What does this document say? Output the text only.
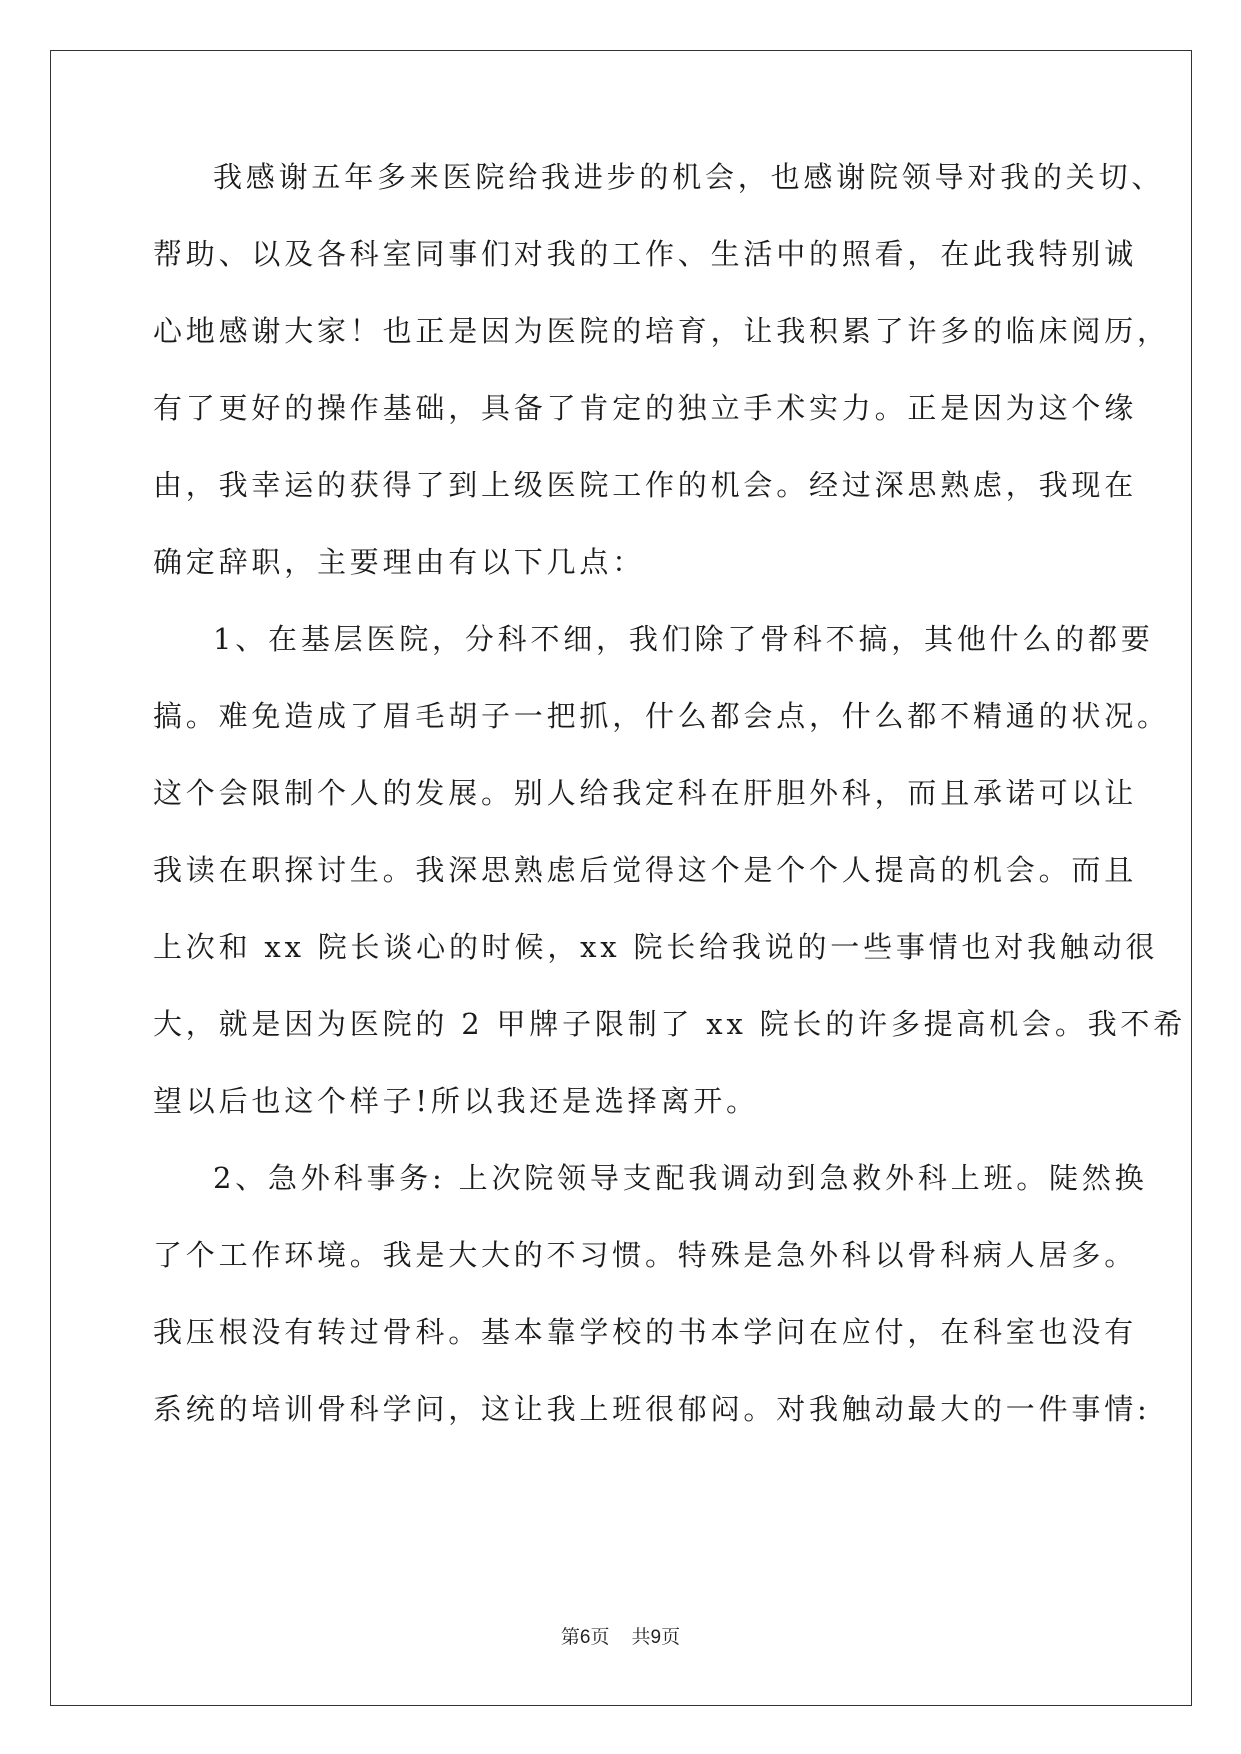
我感谢五年多来医院给我进步的机会，也感谢院领导对我的关切、
帮助、以及各科室同事们对我的工作、生活中的照看，在此我特别诚
心地感谢大家！也正是因为医院的培育，让我积累了许多的临床阅历，
有了更好的操作基础，具备了肯定的独立手术实力。正是因为这个缘
由，我幸运的获得了到上级医院工作的机会。经过深思熟虑，我现在
确定辞职，主要理由有以下几点：
1、在基层医院，分科不细，我们除了骨科不搞，其他什么的都要
搞。难免造成了眉毛胡子一把抓，什么都会点，什么都不精通的状况。
这个会限制个人的发展。别人给我定科在肝胆外科，而且承诺可以让
我读在职探讨生。我深思熟虑后觉得这个是个个人提高的机会。而且
上次和 xx 院长谈心的时候，xx 院长给我说的一些事情也对我触动很
大，就是因为医院的 2 甲牌子限制了 xx 院长的许多提高机会。我不希
望以后也这个样子!所以我还是选择离开。
2、急外科事务: 上次院领导支配我调动到急救外科上班。陡然换
了个工作环境。我是大大的不习惯。特殊是急外科以骨科病人居多。
我压根没有转过骨科。基本靠学校的书本学问在应付，在科室也没有
系统的培训骨科学问，这让我上班很郁闷。对我触动最大的一件事情:
第6页 共9页
